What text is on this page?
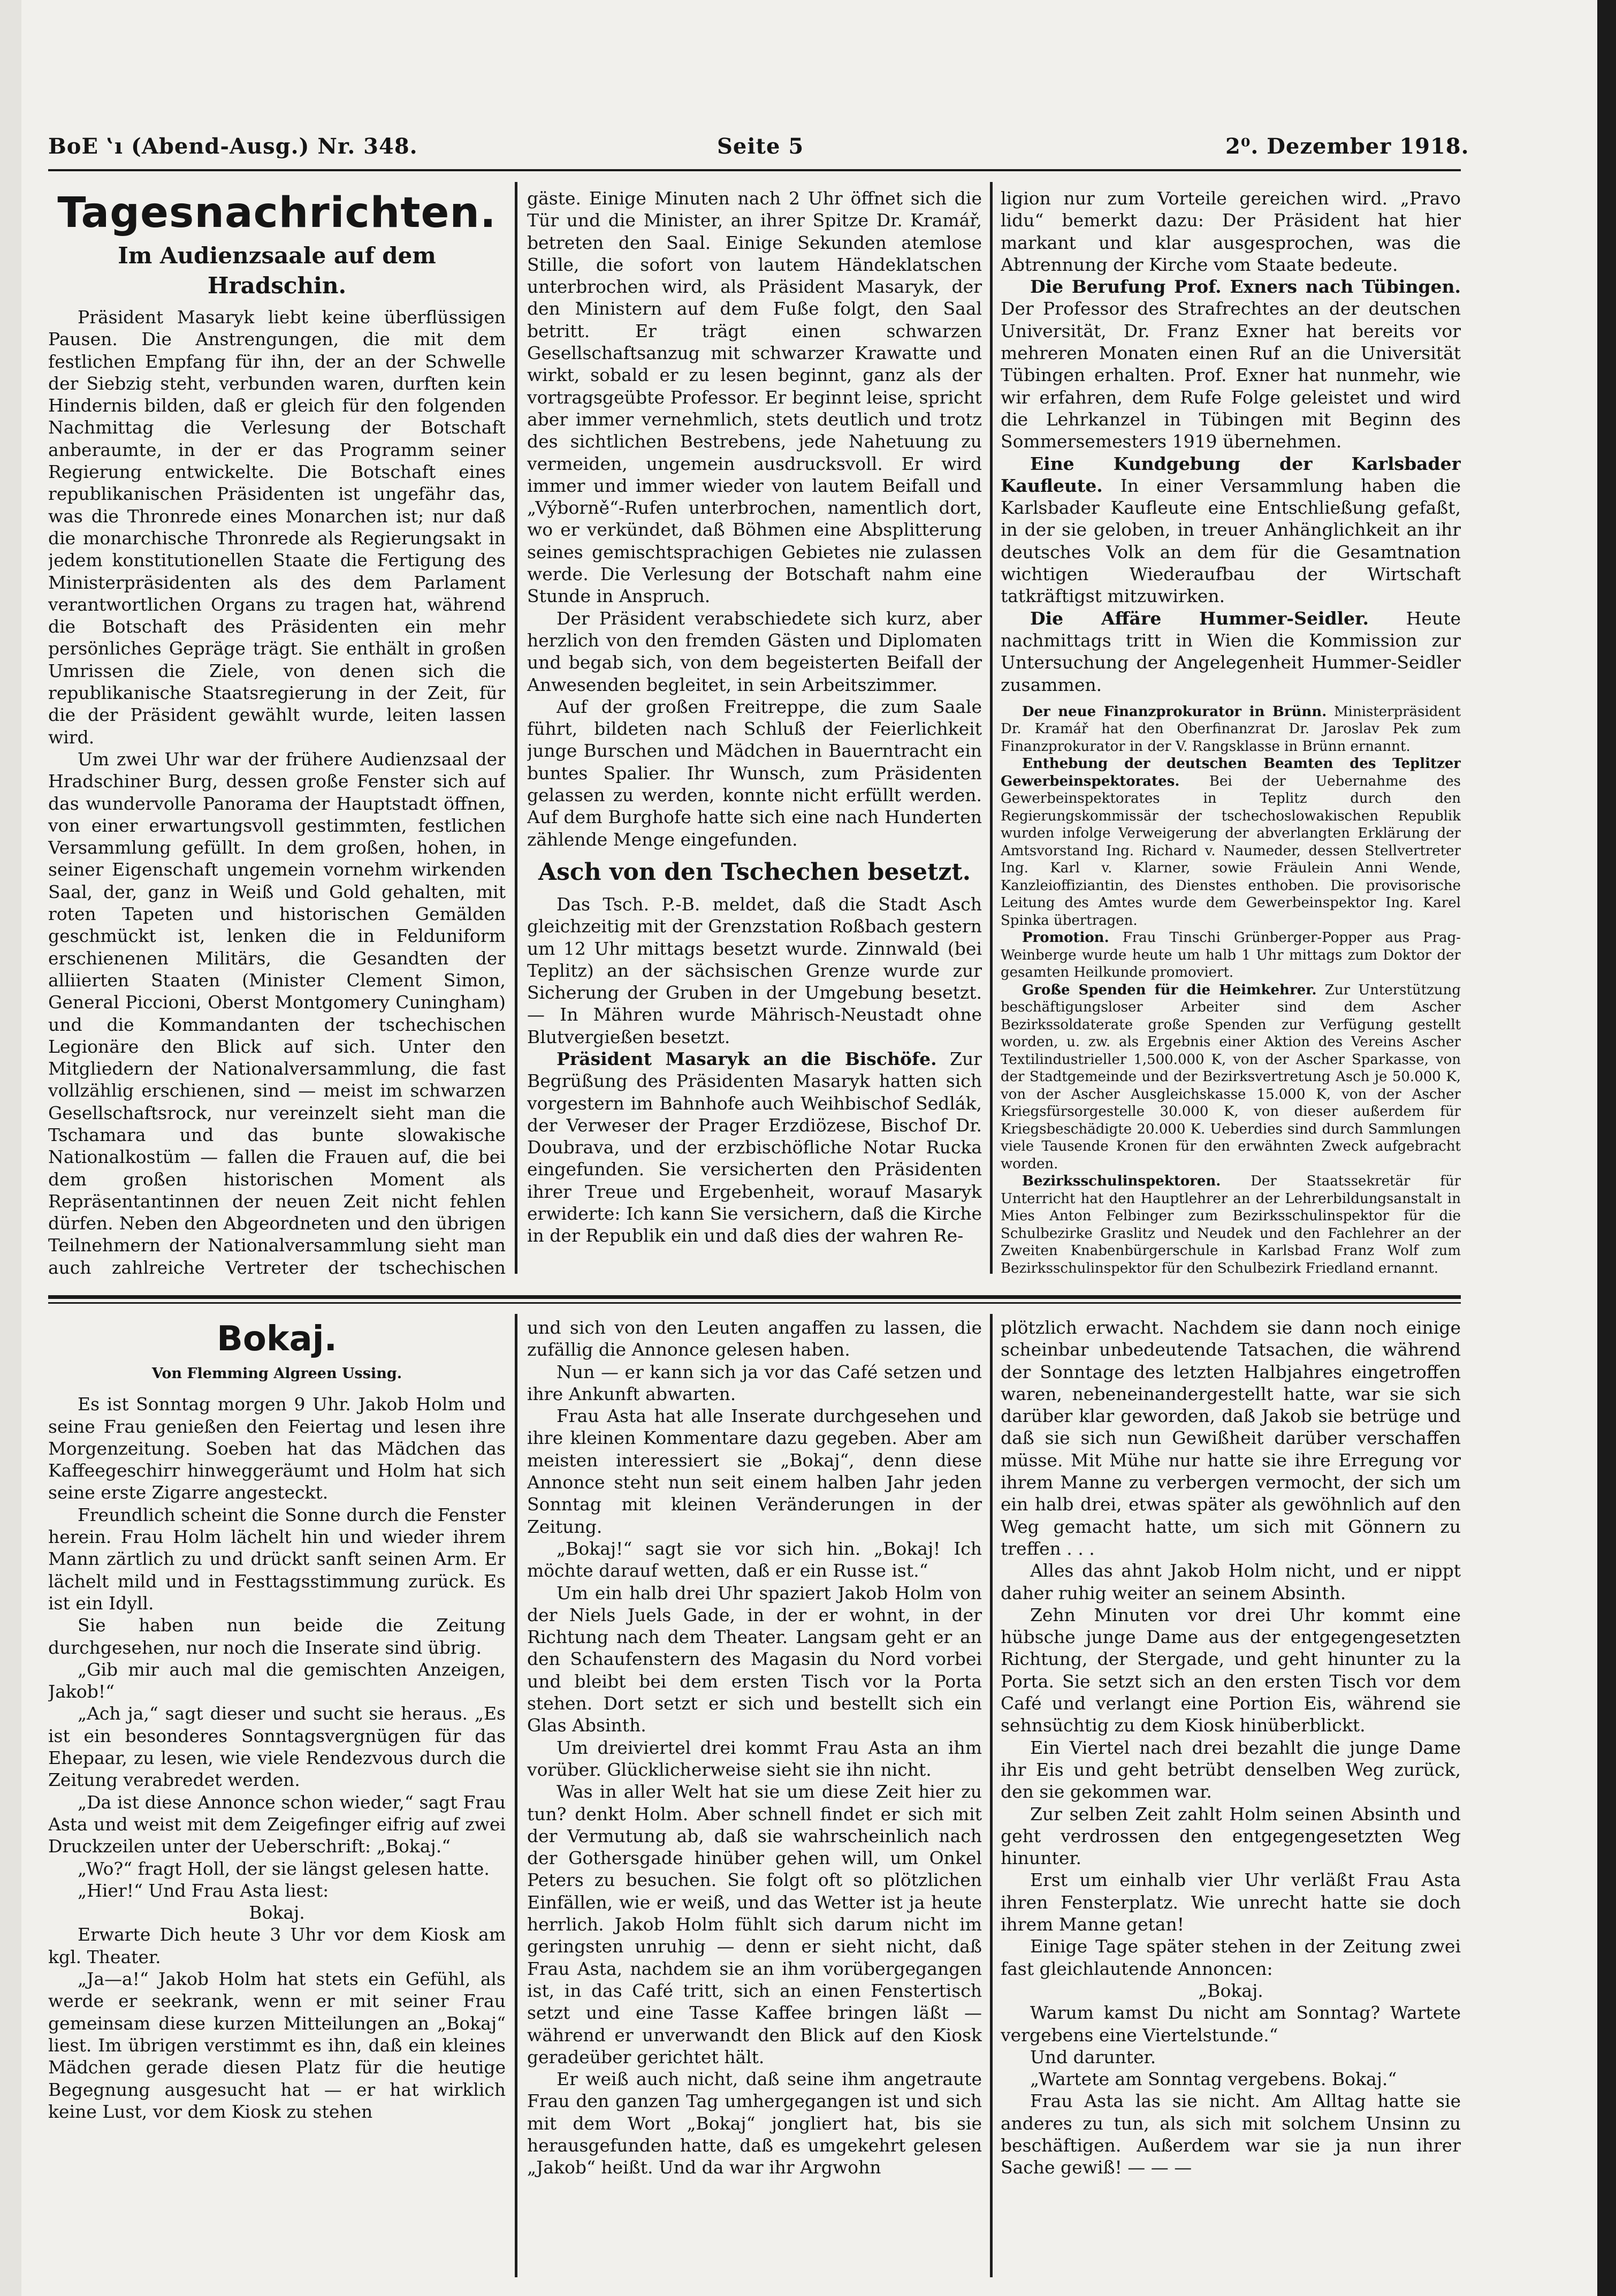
Bo⁠E ⁠‛ı (Abend-Ausg.) Nr. 348.	Seite 5	2⁰. Dezember 1918.
Tagesnachrichten.
Im Audienzsaale auf dem Hradschin.

Präsident Masaryk liebt keine überflüssigen Pausen. Die Anstrengungen, die mit dem festlichen Empfang für ihn, der an der Schwelle der Siebzig steht, verbunden waren, durften kein Hindernis bilden, daß er gleich für den folgenden Nachmittag die Verlesung der Botschaft anberaumte, in der er das Programm seiner Regierung entwickelte. Die Botschaft eines republikanischen Präsidenten ist ungefähr das, was die Thronrede eines Monarchen ist; nur daß die monarchische Thronrede als Regierungsakt in jedem konstitutionellen Staate die Fertigung des Ministerpräsidenten als des dem Parlament verantwortlichen Organs zu tragen hat, während die Botschaft des Präsidenten ein mehr persönliches Gepräge trägt. Sie enthält in großen Umrissen die Ziele, von denen sich die republikanische Staatsregierung in der Zeit, für die der Präsident gewählt wurde, leiten lassen wird.

Um zwei Uhr war der frühere Audienzsaal der Hradschiner Burg, dessen große Fenster sich auf das wundervolle Panorama der Hauptstadt öffnen, von einer erwartungsvoll gestimmten, festlichen Versammlung gefüllt. In dem großen, hohen, in seiner Eigenschaft ungemein vornehm wirkenden Saal, der, ganz in Weiß und Gold gehalten, mit roten Tapeten und historischen Gemälden geschmückt ist, lenken die in Felduniform erschienenen Militärs, die Gesandten der alliierten Staaten (Minister Clement Simon, General Piccioni, Oberst Montgomery Cuningham) und die Kommandanten der tschechischen Legionäre den Blick auf sich. Unter den Mitgliedern der Nationalversammlung, die fast vollzählig erschienen, sind — meist im schwarzen Gesellschaftsrock, nur vereinzelt sieht man die Tschamara und das bunte slowakische Nationalkostüm — fallen die Frauen auf, die bei dem großen historischen Moment als Repräsentantinnen der neuen Zeit nicht fehlen dürfen. Neben den Abgeordneten und den übrigen Teilnehmern der Nationalversammlung sieht man auch zahlreiche Vertreter der tschechischen

gäste. Einige Minuten nach 2 Uhr öffnet sich die Tür und die Minister, an ihrer Spitze Dr. Kramář, betreten den Saal. Einige Sekunden atemlose Stille, die sofort von lautem Händeklatschen unterbrochen wird, als Präsident Masaryk, der den Ministern auf dem Fuße folgt, den Saal betritt. Er trägt einen schwarzen Gesellschaftsanzug mit schwarzer Krawatte und wirkt, sobald er zu lesen beginnt, ganz als der vortragsgeübte Professor. Er beginnt leise, spricht aber immer vernehmlich, stets deutlich und trotz des sichtlichen Bestrebens, jede Nahetuung zu vermeiden, ungemein ausdrucksvoll. Er wird immer und immer wieder von lautem Beifall und „Výborně“-Rufen unterbrochen, namentlich dort, wo er verkündet, daß Böhmen eine Absplitterung seines gemischtsprachigen Gebietes nie zulassen werde. Die Verlesung der Botschaft nahm eine Stunde in Anspruch.

Der Präsident verabschiedete sich kurz, aber herzlich von den fremden Gästen und Diplomaten und begab sich, von dem begeisterten Beifall der Anwesenden begleitet, in sein Arbeitszimmer.

Auf der großen Freitreppe, die zum Saale führt, bildeten nach Schluß der Feierlichkeit junge Burschen und Mädchen in Bauerntracht ein buntes Spalier. Ihr Wunsch, zum Präsidenten gelassen zu werden, konnte nicht erfüllt werden. Auf dem Burghofe hatte sich eine nach Hunderten zählende Menge eingefunden.

Asch von den Tschechen besetzt.

Das Tsch. P.-B. meldet, daß die Stadt Asch gleichzeitig mit der Grenzstation Roßbach gestern um 12 Uhr mittags besetzt wurde. Zinnwald (bei Teplitz) an der sächsischen Grenze wurde zur Sicherung der Gruben in der Umgebung besetzt. — In Mähren wurde Mährisch-Neustadt ohne Blutvergießen besetzt.

Präsident Masaryk an die Bischöfe. Zur Begrüßung des Präsidenten Masaryk hatten sich vorgestern im Bahnhofe auch Weihbischof Sedlák, der Verweser der Prager Erzdiözese, Bischof Dr. Doubrava, und der erzbischöfliche Notar Rucka eingefunden. Sie versicherten den Präsidenten ihrer Treue und Ergebenheit, worauf Masaryk erwiderte: Ich kann Sie versichern, daß die Kirche in der Republik ein und daß dies der wahren Re-

ligion nur zum Vorteile gereichen wird. „Pravo lidu“ bemerkt dazu: Der Präsident hat hier markant und klar ausgesprochen, was die Abtrennung der Kirche vom Staate bedeute.

Die Berufung Prof. Exners nach Tübingen. Der Professor des Strafrechtes an der deutschen Universität, Dr. Franz Exner hat bereits vor mehreren Monaten einen Ruf an die Universität Tübingen erhalten. Prof. Exner hat nunmehr, wie wir erfahren, dem Rufe Folge geleistet und wird die Lehrkanzel in Tübingen mit Beginn des Sommersemesters 1919 übernehmen.

Eine Kundgebung der Karlsbader Kaufleute. In einer Versammlung haben die Karlsbader Kaufleute eine Entschließung gefaßt, in der sie geloben, in treuer Anhänglichkeit an ihr deutsches Volk an dem für die Gesamtnation wichtigen Wiederaufbau der Wirtschaft tatkräftigst mitzuwirken.

Die Affäre Hummer-Seidler. Heute nachmittags tritt in Wien die Kommission zur Untersuchung der Angelegenheit Hummer-Seidler zusammen.

Der neue Finanzprokurator in Brünn. Ministerpräsident Dr. Kramář hat den Oberfinanzrat Dr. Jaroslav Pek zum Finanzprokurator in der V. Rangsklasse in Brünn ernannt.

Enthebung der deutschen Beamten des Teplitzer Gewerbeinspektorates. Bei der Uebernahme des Gewerbeinspektorates in Teplitz durch den Regierungskommissär der tschechoslowakischen Republik wurden infolge Verweigerung der abverlangten Erklärung der Amtsvorstand Ing. Richard v. Naumeder, dessen Stellvertreter Ing. Karl v. Klarner, sowie Fräulein Anni Wende, Kanzleioffiziantin, des Dienstes enthoben. Die provisorische Leitung des Amtes wurde dem Gewerbeinspektor Ing. Karel Spinka übertragen.

Promotion. Frau Tinschi Grünberger-Popper aus Prag-Weinberge wurde heute um halb 1 Uhr mittags zum Doktor der gesamten Heilkunde promoviert.

Große Spenden für die Heimkehrer. Zur Unterstützung beschäftigungsloser Arbeiter sind dem Ascher Bezirkssoldaterate große Spenden zur Verfügung gestellt worden, u. zw. als Ergebnis einer Aktion des Vereins Ascher Textilindustrieller 1,500.000 K, von der Ascher Sparkasse, von der Stadtgemeinde und der Bezirksvertretung Asch je 50.000 K, von der Ascher Ausgleichskasse 15.000 K, von der Ascher Kriegsfürsorgestelle 30.000 K, von dieser außerdem für Kriegsbeschädigte 20.000 K. Ueberdies sind durch Sammlungen viele Tausende Kronen für den erwähnten Zweck aufgebracht worden.

Bezirksschulinspektoren. Der Staatssekretär für Unterricht hat den Hauptlehrer an der Lehrerbildungsanstalt in Mies Anton Felbinger zum Bezirksschulinspektor für die Schulbezirke Graslitz und Neudek und den Fachlehrer an der Zweiten Knabenbürgerschule in Karlsbad Franz Wolf zum Bezirksschulinspektor für den Schulbezirk Friedland ernannt.

Bokaj.
Von Flemming Algreen Ussing.

Es ist Sonntag morgen 9 Uhr. Jakob Holm und seine Frau genießen den Feiertag und lesen ihre Morgenzeitung. Soeben hat das Mädchen das Kaffeegeschirr hinweggeräumt und Holm hat sich seine erste Zigarre angesteckt.

Freundlich scheint die Sonne durch die Fenster herein. Frau Holm lächelt hin und wieder ihrem Mann zärtlich zu und drückt sanft seinen Arm. Er lächelt mild und in Festtagsstimmung zurück. Es ist ein Idyll.

Sie haben nun beide die Zeitung durchgesehen, nur noch die Inserate sind übrig.

„Gib mir auch mal die gemischten Anzeigen, Jakob!“

„Ach ja,“ sagt dieser und sucht sie heraus. „Es ist ein besonderes Sonntagsvergnügen für das Ehepaar, zu lesen, wie viele Rendezvous durch die Zeitung verabredet werden.

„Da ist diese Annonce schon wieder,“ sagt Frau Asta und weist mit dem Zeigefinger eifrig auf zwei Druckzeilen unter der Ueberschrift: „Bokaj.“

„Wo?“ fragt Holl, der sie längst gelesen hatte.

„Hier!“ Und Frau Asta liest:

Bokaj.

Erwarte Dich heute 3 Uhr vor dem Kiosk am kgl. Theater.

„Ja—a!“ Jakob Holm hat stets ein Gefühl, als werde er seekrank, wenn er mit seiner Frau gemeinsam diese kurzen Mitteilungen an „Bokaj“ liest. Im übrigen verstimmt es ihn, daß ein kleines Mädchen gerade diesen Platz für die heutige Begegnung ausgesucht hat — er hat wirklich keine Lust, vor dem Kiosk zu stehen

und sich von den Leuten angaffen zu lassen, die zufällig die Annonce gelesen haben.

Nun — er kann sich ja vor das Café setzen und ihre Ankunft abwarten.

Frau Asta hat alle Inserate durchgesehen und ihre kleinen Kommentare dazu gegeben. Aber am meisten interessiert sie „Bokaj“, denn diese Annonce steht nun seit einem halben Jahr jeden Sonntag mit kleinen Veränderungen in der Zeitung.

„Bokaj!“ sagt sie vor sich hin. „Bokaj! Ich möchte darauf wetten, daß er ein Russe ist.“

Um ein halb drei Uhr spaziert Jakob Holm von der Niels Juels Gade, in der er wohnt, in der Richtung nach dem Theater. Langsam geht er an den Schaufenstern des Magasin du Nord vorbei und bleibt bei dem ersten Tisch vor la Porta stehen. Dort setzt er sich und bestellt sich ein Glas Absinth.

Um dreiviertel drei kommt Frau Asta an ihm vorüber. Glücklicherweise sieht sie ihn nicht.

Was in aller Welt hat sie um diese Zeit hier zu tun? denkt Holm. Aber schnell findet er sich mit der Vermutung ab, daß sie wahrscheinlich nach der Gothersgade hinüber gehen will, um Onkel Peters zu besuchen. Sie folgt oft so plötzlichen Einfällen, wie er weiß, und das Wetter ist ja heute herrlich. Jakob Holm fühlt sich darum nicht im geringsten unruhig — denn er sieht nicht, daß Frau Asta, nachdem sie an ihm vorübergegangen ist, in das Café tritt, sich an einen Fenstertisch setzt und eine Tasse Kaffee bringen läßt — während er unverwandt den Blick auf den Kiosk geradeüber gerichtet hält.

Er weiß auch nicht, daß seine ihm angetraute Frau den ganzen Tag umhergegangen ist und sich mit dem Wort „Bokaj“ jongliert hat, bis sie herausgefunden hatte, daß es umgekehrt gelesen „Jakob“ heißt. Und da war ihr Argwohn

plötzlich erwacht. Nachdem sie dann noch einige scheinbar unbedeutende Tatsachen, die während der Sonntage des letzten Halbjahres eingetroffen waren, nebeneinandergestellt hatte, war sie sich darüber klar geworden, daß Jakob sie betrüge und daß sie sich nun Gewißheit darüber verschaffen müsse. Mit Mühe nur hatte sie ihre Erregung vor ihrem Manne zu verbergen vermocht, der sich um ein halb drei, etwas später als gewöhnlich auf den Weg gemacht hatte, um sich mit Gönnern zu treffen . . .

Alles das ahnt Jakob Holm nicht, und er nippt daher ruhig weiter an seinem Absinth.

Zehn Minuten vor drei Uhr kommt eine hübsche junge Dame aus der entgegengesetzten Richtung, der Stergade, und geht hinunter zu la Porta. Sie setzt sich an den ersten Tisch vor dem Café und verlangt eine Portion Eis, während sie sehnsüchtig zu dem Kiosk hinüberblickt.

Ein Viertel nach drei bezahlt die junge Dame ihr Eis und geht betrübt denselben Weg zurück, den sie gekommen war.

Zur selben Zeit zahlt Holm seinen Absinth und geht verdrossen den entgegengesetzten Weg hinunter.

Erst um einhalb vier Uhr verläßt Frau Asta ihren Fensterplatz. Wie unrecht hatte sie doch ihrem Manne getan!

Einige Tage später stehen in der Zeitung zwei fast gleichlautende Annoncen:

„Bokaj.

Warum kamst Du nicht am Sonntag? Wartete vergebens eine Viertelstunde.“

Und darunter.

„Wartete am Sonntag vergebens. Bokaj.“

Frau Asta las sie nicht. Am Alltag hatte sie anderes zu tun, als sich mit solchem Unsinn zu beschäftigen. Außerdem war sie ja nun ihrer Sache gewiß! — — —
